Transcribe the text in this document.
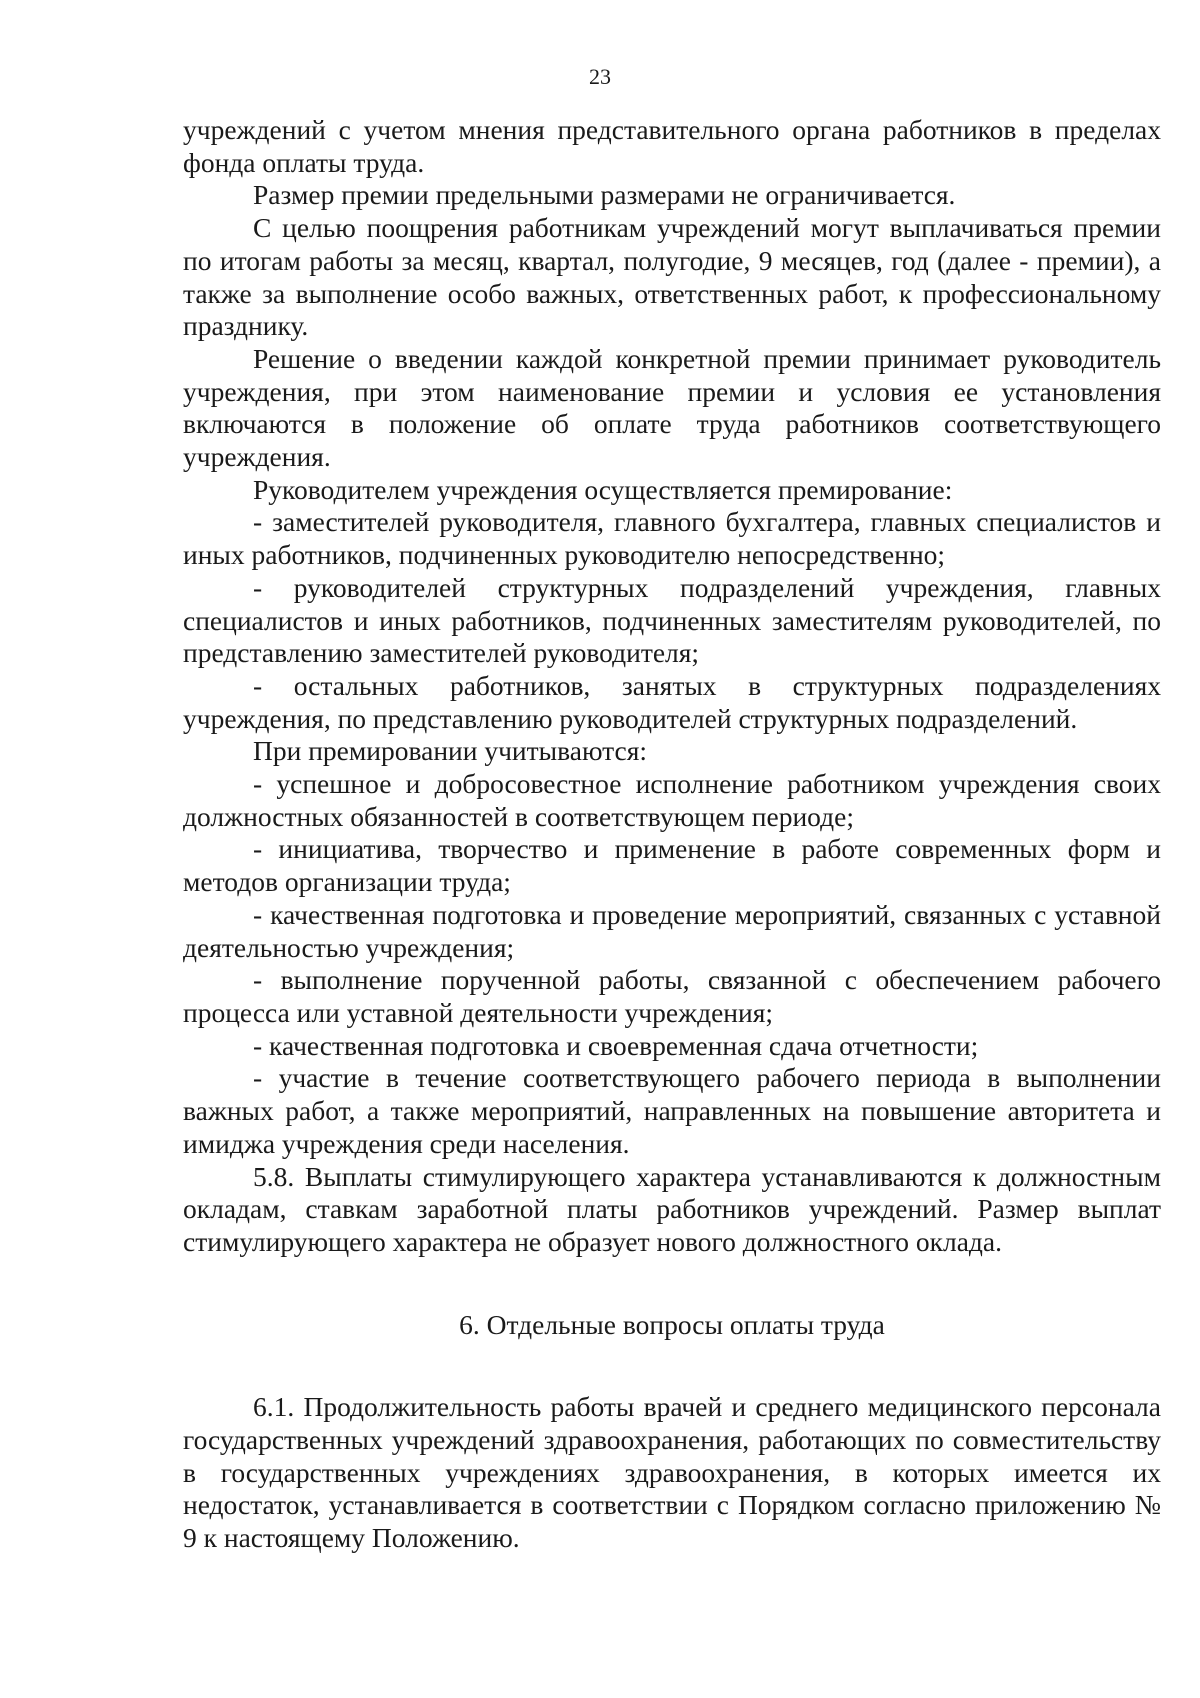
23

учреждений с учетом мнения представительного органа работников в пределах фонда оплаты труда.

Размер премии предельными размерами не ограничивается.

С целью поощрения работникам учреждений могут выплачиваться премии по итогам работы за месяц, квартал, полугодие, 9 месяцев, год (далее - премии), а также за выполнение особо важных, ответственных работ, к профессиональному празднику.

Решение о введении каждой конкретной премии принимает руководитель учреждения, при этом наименование премии и условия ее установления включаются в положение об оплате труда работников соответствующего учреждения.

Руководителем учреждения осуществляется премирование:

- заместителей руководителя, главного бухгалтера, главных специалистов и иных работников, подчиненных руководителю непосредственно;

- руководителей структурных подразделений учреждения, главных специалистов и иных работников, подчиненных заместителям руководителей, по представлению заместителей руководителя;

- остальных работников, занятых в структурных подразделениях учреждения, по представлению руководителей структурных подразделений.

При премировании учитываются:

- успешное и добросовестное исполнение работником учреждения своих должностных обязанностей в соответствующем периоде;

- инициатива, творчество и применение в работе современных форм и методов организации труда;

- качественная подготовка и проведение мероприятий, связанных с уставной деятельностью учреждения;

- выполнение порученной работы, связанной с обеспечением рабочего процесса или уставной деятельности учреждения;

- качественная подготовка и своевременная сдача отчетности;

- участие в течение соответствующего рабочего периода в выполнении важных работ, а также мероприятий, направленных на повышение авторитета и имиджа учреждения среди населения.

5.8. Выплаты стимулирующего характера устанавливаются к должностным окладам, ставкам заработной платы работников учреждений. Размер выплат стимулирующего характера не образует нового должностного оклада.

6. Отдельные вопросы оплаты труда

6.1. Продолжительность работы врачей и среднего медицинского персонала государственных учреждений здравоохранения, работающих по совместительству в государственных учреждениях здравоохранения, в которых имеется их недостаток, устанавливается в соответствии с Порядком согласно приложению № 9 к настоящему Положению.
